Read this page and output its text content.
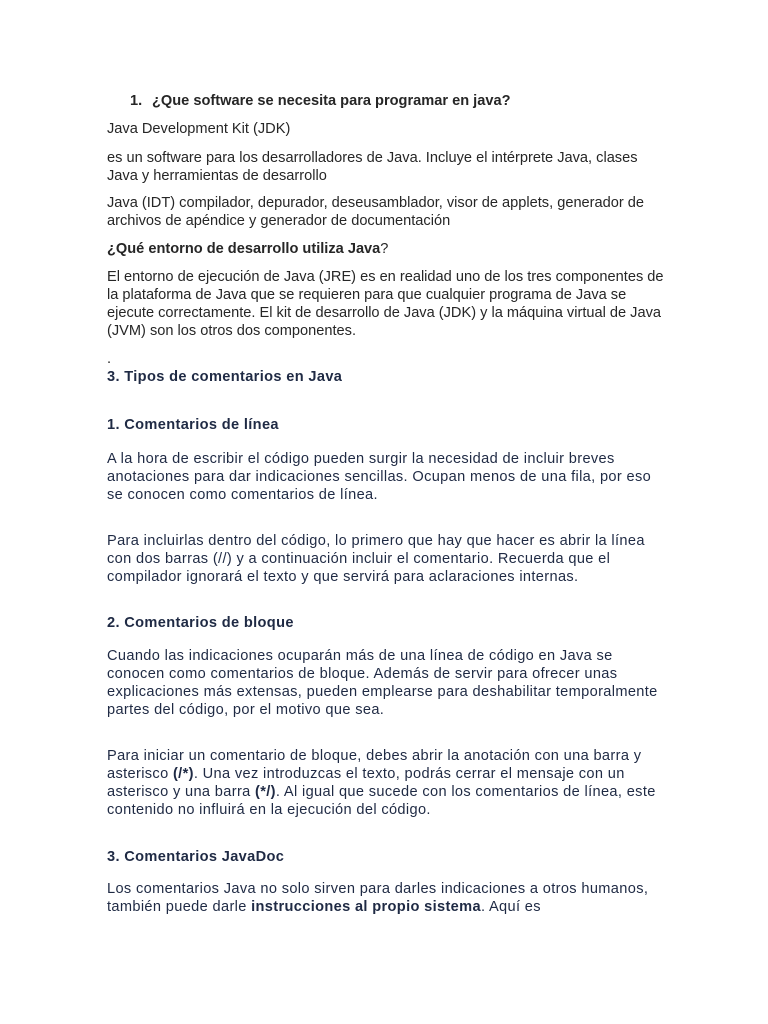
1. ¿Que software se necesita para programar en java?

Java Development Kit (JDK)

es un software para los desarrolladores de Java. Incluye el intérprete Java, clases Java y herramientas de desarrollo

Java (IDT) compilador, depurador, deseusamblador, visor de applets, generador de archivos de apéndice y generador de documentación

¿Qué entorno de desarrollo utiliza Java?

El entorno de ejecución de Java (JRE) es en realidad uno de los tres componentes de la plataforma de Java que se requieren para que cualquier programa de Java se ejecute correctamente. El kit de desarrollo de Java (JDK) y la máquina virtual de Java (JVM) son los otros dos componentes.

.

3. Tipos de comentarios en Java

1. Comentarios de línea

A la hora de escribir el código pueden surgir la necesidad de incluir breves anotaciones para dar indicaciones sencillas. Ocupan menos de una fila, por eso se conocen como comentarios de línea.

Para incluirlas dentro del código, lo primero que hay que hacer es abrir la línea con dos barras (//) y a continuación incluir el comentario. Recuerda que el compilador ignorará el texto y que servirá para aclaraciones internas.

2. Comentarios de bloque

Cuando las indicaciones ocuparán más de una línea de código en Java se conocen como comentarios de bloque. Además de servir para ofrecer unas explicaciones más extensas, pueden emplearse para deshabilitar temporalmente partes del código, por el motivo que sea.

Para iniciar un comentario de bloque, debes abrir la anotación con una barra y asterisco (/*). Una vez introduzcas el texto, podrás cerrar el mensaje con un asterisco y una barra (*/). Al igual que sucede con los comentarios de línea, este contenido no influirá en la ejecución del código.

3. Comentarios JavaDoc

Los comentarios Java no solo sirven para darles indicaciones a otros humanos, también puede darle instrucciones al propio sistema. Aquí es
